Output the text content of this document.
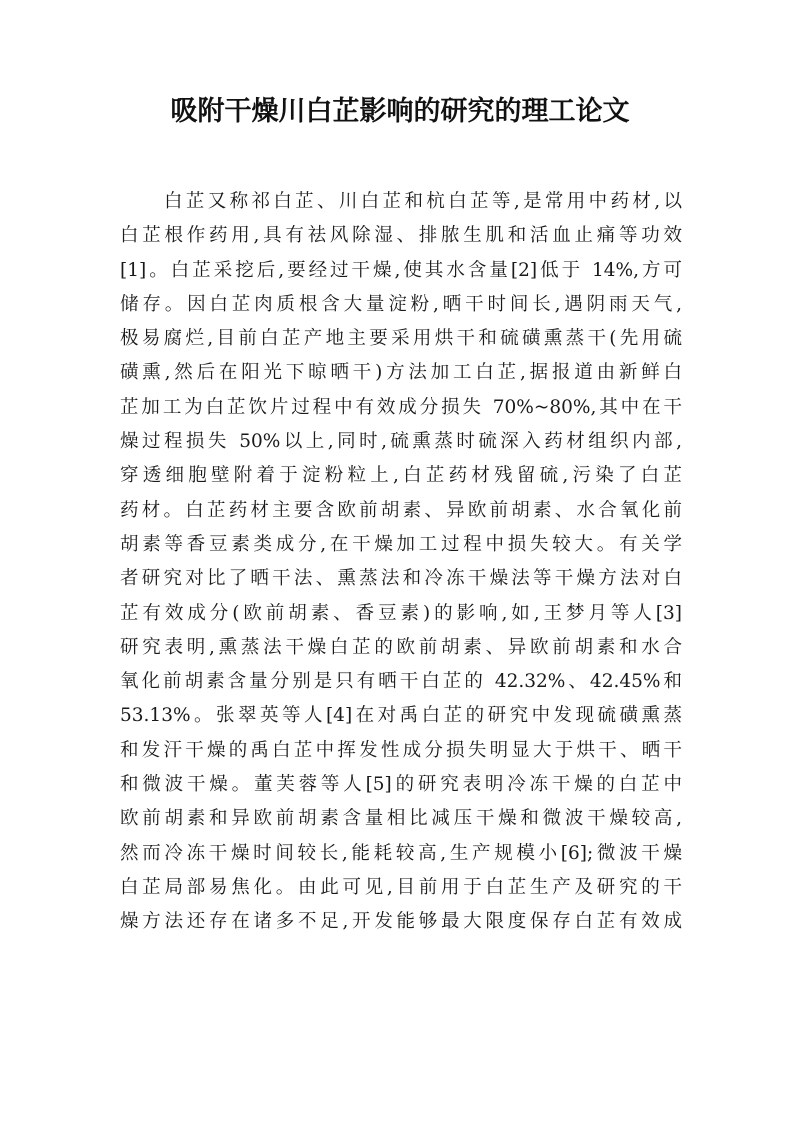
吸附干燥川白芷影响的研究的理工论文
白芷又称祁白芷、川白芷和杭白芷等,是常用中药材,以
白芷根作药用,具有祛风除湿、排脓生肌和活血止痛等功效
[1]。白芷采挖后,要经过干燥,使其水含量[2]低于 14%,方可
储存。因白芷肉质根含大量淀粉,晒干时间长,遇阴雨天气,
极易腐烂,目前白芷产地主要采用烘干和硫磺熏蒸干(先用硫
磺熏,然后在阳光下晾晒干)方法加工白芷,据报道由新鲜白
芷加工为白芷饮片过程中有效成分损失 70%~80%,其中在干
燥过程损失 50%以上,同时,硫熏蒸时硫深入药材组织内部,
穿透细胞壁附着于淀粉粒上,白芷药材残留硫,污染了白芷
药材。白芷药材主要含欧前胡素、异欧前胡素、水合氧化前
胡素等香豆素类成分,在干燥加工过程中损失较大。有关学
者研究对比了晒干法、熏蒸法和冷冻干燥法等干燥方法对白
芷有效成分(欧前胡素、香豆素)的影响,如,王梦月等人[3]
研究表明,熏蒸法干燥白芷的欧前胡素、异欧前胡素和水合
氧化前胡素含量分别是只有晒干白芷的 42.32%、42.45%和
53.13%。张翠英等人[4]在对禹白芷的研究中发现硫磺熏蒸
和发汗干燥的禹白芷中挥发性成分损失明显大于烘干、晒干
和微波干燥。董芙蓉等人[5]的研究表明冷冻干燥的白芷中
欧前胡素和异欧前胡素含量相比减压干燥和微波干燥较高,
然而冷冻干燥时间较长,能耗较高,生产规模小[6];微波干燥
白芷局部易焦化。由此可见,目前用于白芷生产及研究的干
燥方法还存在诸多不足,开发能够最大限度保存白芷有效成
